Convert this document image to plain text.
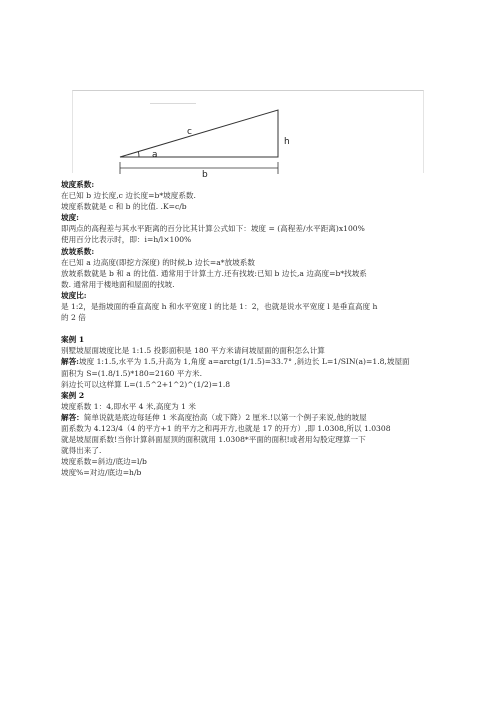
c
a
b
h

坡度系数:

在已知 b 边长度,c 边长度=b*坡度系数.

坡度系数就是 c 和 b 的比值. .K=c/b

坡度:

即两点的高程差与其水平距离的百分比其计算公式如下：坡度 = (高程差/水平距离)x100%

使用百分比表示时，即：i=h/l×100%

放坡系数:

在已知 a 边高度(即挖方深度) 的时候,b 边长=a*放坡系数

放坡系数就是 b 和 a 的比值. 通常用于计算土方.还有找坡:已知 b 边长,a 边高度=b*找坡系

数. 通常用于楼地面和屋面的找坡.

坡度比:

是 1:2，是指坡面的垂直高度 h 和水平宽度 l 的比是 1：2，也就是说水平宽度 l 是垂直高度 h

的 2 倍

案例 1

别墅坡屋面坡度比是 1:1.5 投影面积是 180 平方米请问坡屋面的面积怎么计算

解答:坡度 1:1.5,水平为 1.5,升高为 1,角度 a=arctg(1/1.5)=33.7° ,斜边长 L=1/SIN(a)=1.8,坡屋面

面积为 S=(1.8/1.5)*180=2160 平方米.

斜边长可以这样算 L=(1.5^2+1^2)^(1/2)=1.8

案例 2

坡度系数 1：4,即水平 4 米,高度为 1 米

解答：简单说就是底边每延伸 1 米高度抬高（或下降）2 厘米.!以第一个例子来说,他的坡屋

面系数为 4.123/4（4 的平方+1 的平方之和再开方,也就是 17 的开方）,即 1.0308,所以 1.0308

就是坡屋面系数!当你计算斜面屋顶的面积就用 1.0308*平面的面积!或者用勾股定理算一下

就得出来了.

坡度系数=斜边/底边=l/b

坡度%=对边/底边=h/b
